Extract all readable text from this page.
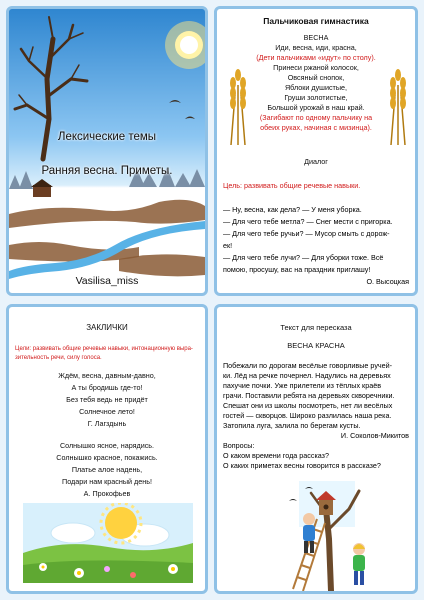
Лексические темы
Ранняя весна. Приметы.
Vasilisa_miss
Пальчиковая гимнастика
ВЕСНА
Иди, весна, иди, красна,
(Дети пальчиками «идут» по столу).
Принеси ржаной колосок,
Овсяный снопок,
Яблоки душистые,
Груши золотистые,
Большой урожай в наш край.
(Загибают по одному пальчику на
обеих руках, начиная с мизинца).
Диалог
Цель: развивать общие речевые навыки.
— Ну, весна, как дела? — У меня уборка.
— Для чего тебе метла? — Снег мести с пригорка.
— Для чего тебе ручьи? — Мусор смыть с дорож-
ек!
— Для чего тебе лучи? — Для уборки тоже. Всё
помою, просушу, вас на праздник приглашу!
О. Высоцкая
ЗАКЛИЧКИ
Цели: развивать общие речевые навыки, интонационную выра-
зительность речи, силу голоса.
Ждём, весна, давным-давно,
А ты бродишь где-то!
Без тебя ведь не придёт
Солнечное лето!
Г. Лагздынь
Солнышко ясное, нарядись.
Солнышко красное, покажись.
Платье алое надень,
Подари нам красный день!
А. Прокофьев
Текст для пересказа
ВЕСНА КРАСНА
Побежали по дорогам весёлые говорливые ручей-
ки. Лёд на речке почернел. Надулись на деревьях
пахучие почки. Уже прилетели из тёплых краёв
грачи. Поставили ребята на деревьях скворечники.
Спешат они из школы посмотреть, нет ли весёлых
гостей — скворцов. Широко разлилась наша река.
Затопила луга, залила по берегам кусты.
И. Соколов-Микитов
Вопросы:
О каком времени года рассказ?
О каких приметах весны говорится в рассказе?
